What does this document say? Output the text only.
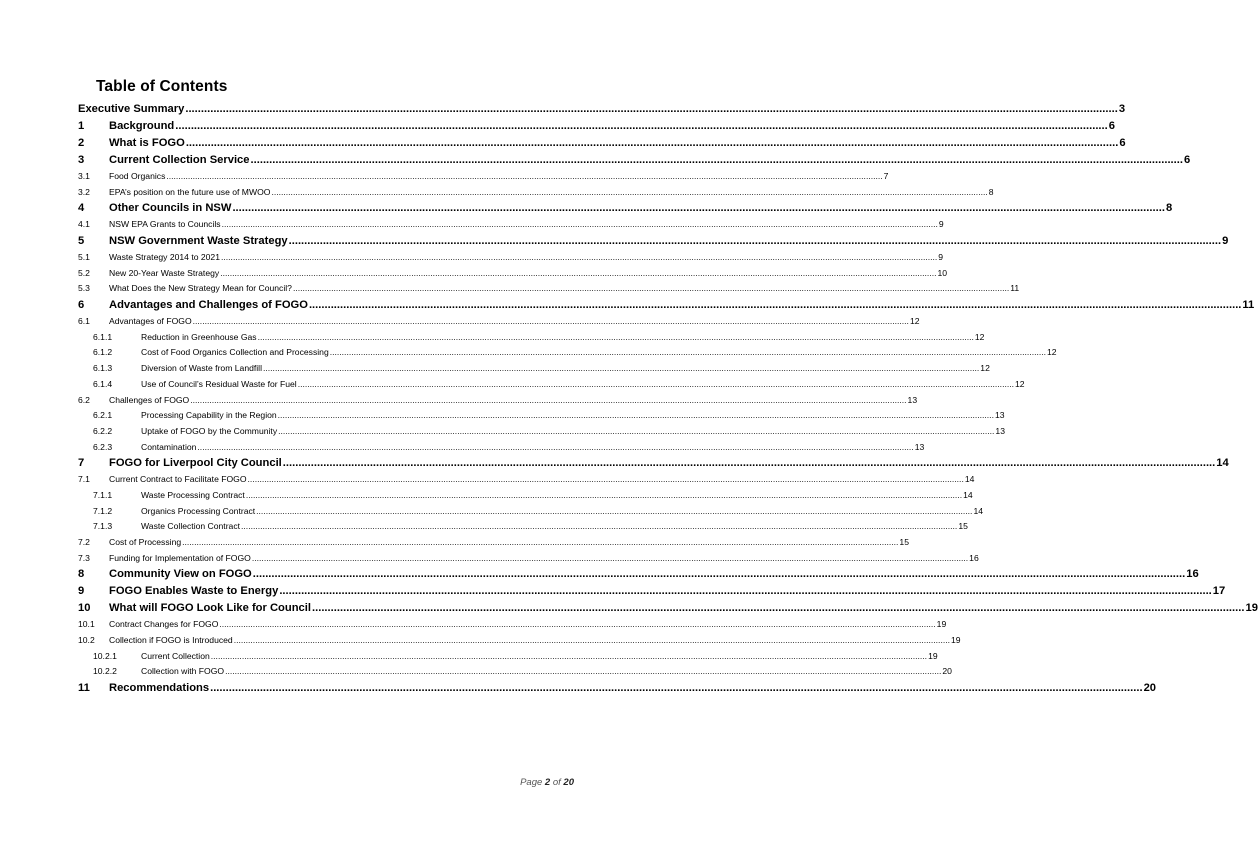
Table of Contents
Executive Summary ............................................................................................................................................................................................................................................................................................................ 3
1	Background ............................................................................................................................................................................................................................................................................................................ 6
2	What is FOGO ............................................................................................................................................................................................................................................................................................................ 6
3	Current Collection Service ............................................................................................................................................................................................................................................................................................................ 6
3.1	Food Organics ............................................................................................................................................................................................................................................................................................................ 7
3.2	EPA’s position on the future use of MWOO ............................................................................................................................................................................................................................................................................................................ 8
4	Other Councils in NSW ............................................................................................................................................................................................................................................................................................................ 8
4.1	NSW EPA Grants to Councils ............................................................................................................................................................................................................................................................................................................ 9
5	NSW Government Waste Strategy ............................................................................................................................................................................................................................................................................................................ 9
5.1	Waste Strategy 2014 to 2021 ............................................................................................................................................................................................................................................................................................................ 9
5.2	New 20-Year Waste Strategy ............................................................................................................................................................................................................................................................................................................ 10
5.3	What Does the New Strategy Mean for Council? ............................................................................................................................................................................................................................................................................................................ 11
6	Advantages and Challenges of FOGO ............................................................................................................................................................................................................................................................................................................ 11
6.1	Advantages of FOGO ............................................................................................................................................................................................................................................................................................................ 12
6.1.1	Reduction in Greenhouse Gas ............................................................................................................................................................................................................................................................................................................ 12
6.1.2	Cost of Food Organics Collection and Processing ............................................................................................................................................................................................................................................................................................................ 12
6.1.3	Diversion of Waste from Landfill ............................................................................................................................................................................................................................................................................................................ 12
6.1.4	Use of Council’s Residual Waste for Fuel ............................................................................................................................................................................................................................................................................................................ 12
6.2	Challenges of FOGO ............................................................................................................................................................................................................................................................................................................ 13
6.2.1	Processing Capability in the Region ............................................................................................................................................................................................................................................................................................................ 13
6.2.2	Uptake of FOGO by the Community ............................................................................................................................................................................................................................................................................................................ 13
6.2.3	Contamination ............................................................................................................................................................................................................................................................................................................ 13
7	FOGO for Liverpool City Council ............................................................................................................................................................................................................................................................................................................ 14
7.1	Current Contract to Facilitate FOGO ............................................................................................................................................................................................................................................................................................................ 14
7.1.1	Waste Processing Contract ............................................................................................................................................................................................................................................................................................................ 14
7.1.2	Organics Processing Contract ............................................................................................................................................................................................................................................................................................................ 14
7.1.3	Waste Collection Contract ............................................................................................................................................................................................................................................................................................................ 15
7.2	Cost of Processing ............................................................................................................................................................................................................................................................................................................ 15
7.3	Funding for Implementation of FOGO ............................................................................................................................................................................................................................................................................................................ 16
8	Community View on FOGO ............................................................................................................................................................................................................................................................................................................ 16
9	FOGO Enables Waste to Energy ............................................................................................................................................................................................................................................................................................................ 17
10	What will FOGO Look Like for Council ............................................................................................................................................................................................................................................................................................................ 19
10.1	Contract Changes for FOGO ............................................................................................................................................................................................................................................................................................................ 19
10.2	Collection if FOGO is Introduced ............................................................................................................................................................................................................................................................................................................ 19
10.2.1	Current Collection ............................................................................................................................................................................................................................................................................................................ 19
10.2.2	Collection with FOGO ............................................................................................................................................................................................................................................................................................................ 20
11	Recommendations ............................................................................................................................................................................................................................................................................................................ 20
Page 2 of 20
